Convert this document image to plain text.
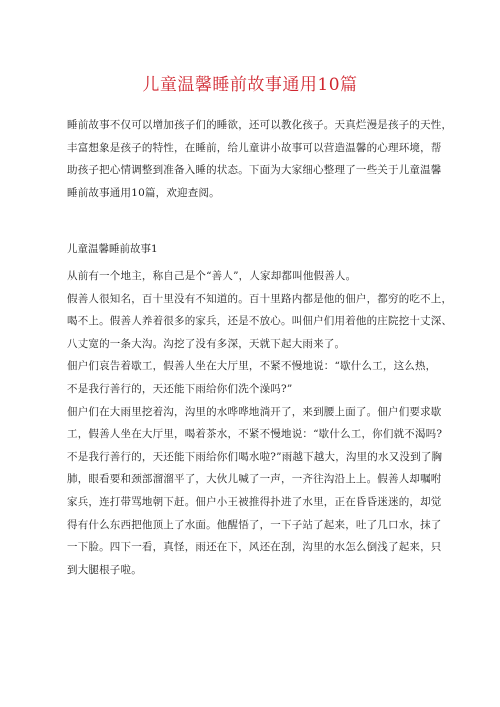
儿童温馨睡前故事通用10篇
睡前故事不仅可以增加孩子们的睡欲，还可以教化孩子。天真烂漫是孩子的天性，
丰富想象是孩子的特性，在睡前，给儿童讲小故事可以营造温馨的心理环境，帮
助孩子把心情调整到准备入睡的状态。下面为大家细心整理了一些关于儿童温馨
睡前故事通用10篇，欢迎查阅。
儿童温馨睡前故事1
从前有一个地主，称自己是个“善人”，人家却都叫他假善人。
假善人很知名，百十里没有不知道的。百十里路内都是他的佃户，都穷的吃不上，
喝不上。假善人养着很多的家兵，还是不放心。叫佃户们用着他的庄院挖十丈深、
八丈宽的一条大沟。沟挖了没有多深，天就下起大雨来了。
佃户们哀告着歇工，假善人坐在大厅里，不紧不慢地说：“歇什么工，这么热，
不是我行善行的，天还能下雨给你们洗个澡吗?”
佃户们在大雨里挖着沟，沟里的水哗哗地淌开了，来到腰上面了。佃户们要求歇
工，假善人坐在大厅里，喝着茶水，不紧不慢地说：“歇什么工，你们就不渴吗?
不是我行善行的，天还能下雨给你们喝水啦?”雨越下越大，沟里的水又没到了胸
肺，眼看要和颈部溜溜平了，大伙儿喊了一声，一齐往沟沿上上。假善人却嘱咐
家兵，连打带骂地朝下赶。佃户小王被推得扑进了水里，正在昏昏迷迷的，却觉
得有什么东西把他顶上了水面。他醒悟了，一下子站了起来，吐了几口水，抹了
一下脸。四下一看，真怪，雨还在下，风还在刮，沟里的水怎么倒浅了起来，只
到大腿根子啦。
